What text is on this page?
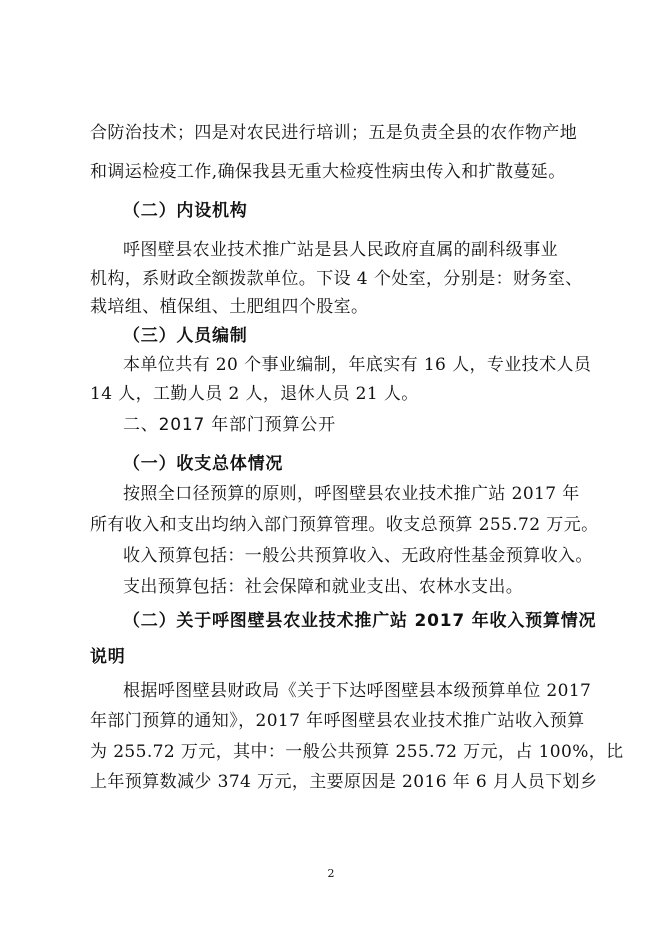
合防治技术；四是对农民进行培训；五是负责全县的农作物产地
和调运检疫工作,确保我县无重大检疫性病虫传入和扩散蔓延。
（二）内设机构
呼图壁县农业技术推广站是县人民政府直属的副科级事业
机构，系财政全额拨款单位。下设 4 个处室，分别是：财务室、
栽培组、植保组、土肥组四个股室。
（三）人员编制
本单位共有 20 个事业编制，年底实有 16 人，专业技术人员
14 人，工勤人员 2 人，退休人员 21 人。
二、2017 年部门预算公开
（一）收支总体情况
按照全口径预算的原则，呼图壁县农业技术推广站 2017 年
所有收入和支出均纳入部门预算管理。收支总预算 255.72 万元。
收入预算包括：一般公共预算收入、无政府性基金预算收入。
支出预算包括：社会保障和就业支出、农林水支出。
（二）关于呼图壁县农业技术推广站 2017 年收入预算情况
说明
根据呼图壁县财政局《关于下达呼图壁县本级预算单位 2017
年部门预算的通知》，2017 年呼图壁县农业技术推广站收入预算
为 255.72 万元，其中：一般公共预算 255.72 万元，占 100%，比
上年预算数减少 374 万元，主要原因是 2016 年 6 月人员下划乡
2
